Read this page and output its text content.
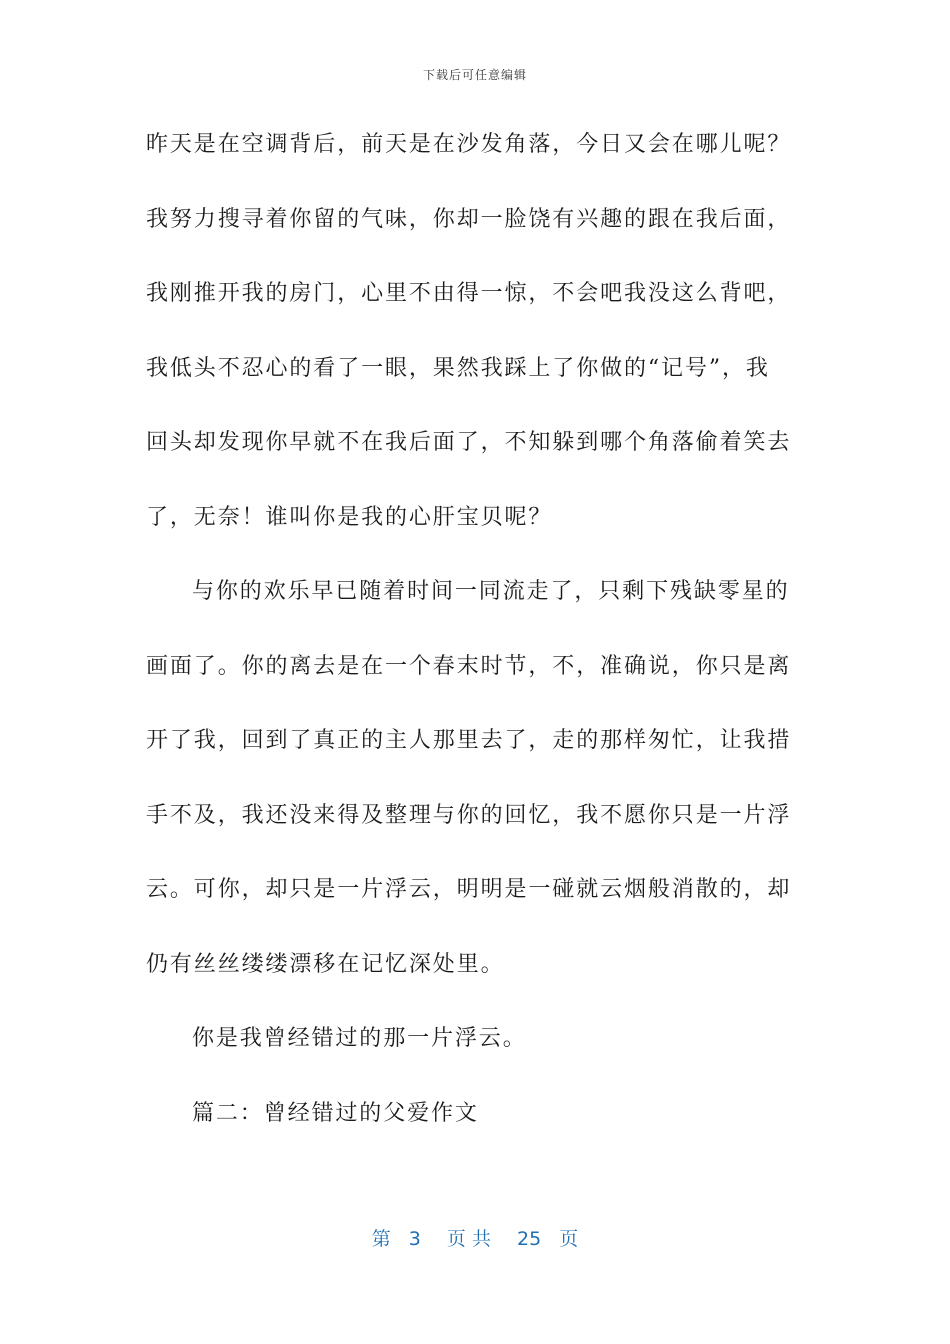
下载后可任意编辑
昨天是在空调背后，前天是在沙发角落，今日又会在哪儿呢？
我努力搜寻着你留的气味，你却一脸饶有兴趣的跟在我后面，
我刚推开我的房门，心里不由得一惊，不会吧我没这么背吧，
我低头不忍心的看了一眼，果然我踩上了你做的“记号”，我
回头却发现你早就不在我后面了，不知躲到哪个角落偷着笑去
了，无奈！谁叫你是我的心肝宝贝呢？
与你的欢乐早已随着时间一同流走了，只剩下残缺零星的
画面了。你的离去是在一个春末时节，不，准确说，你只是离
开了我，回到了真正的主人那里去了，走的那样匆忙，让我措
手不及，我还没来得及整理与你的回忆，我不愿你只是一片浮
云。可你，却只是一片浮云，明明是一碰就云烟般消散的，却
仍有丝丝缕缕漂移在记忆深处里。
你是我曾经错过的那一片浮云。
篇二：曾经错过的父爱作文
第 3 页 共 25 页
